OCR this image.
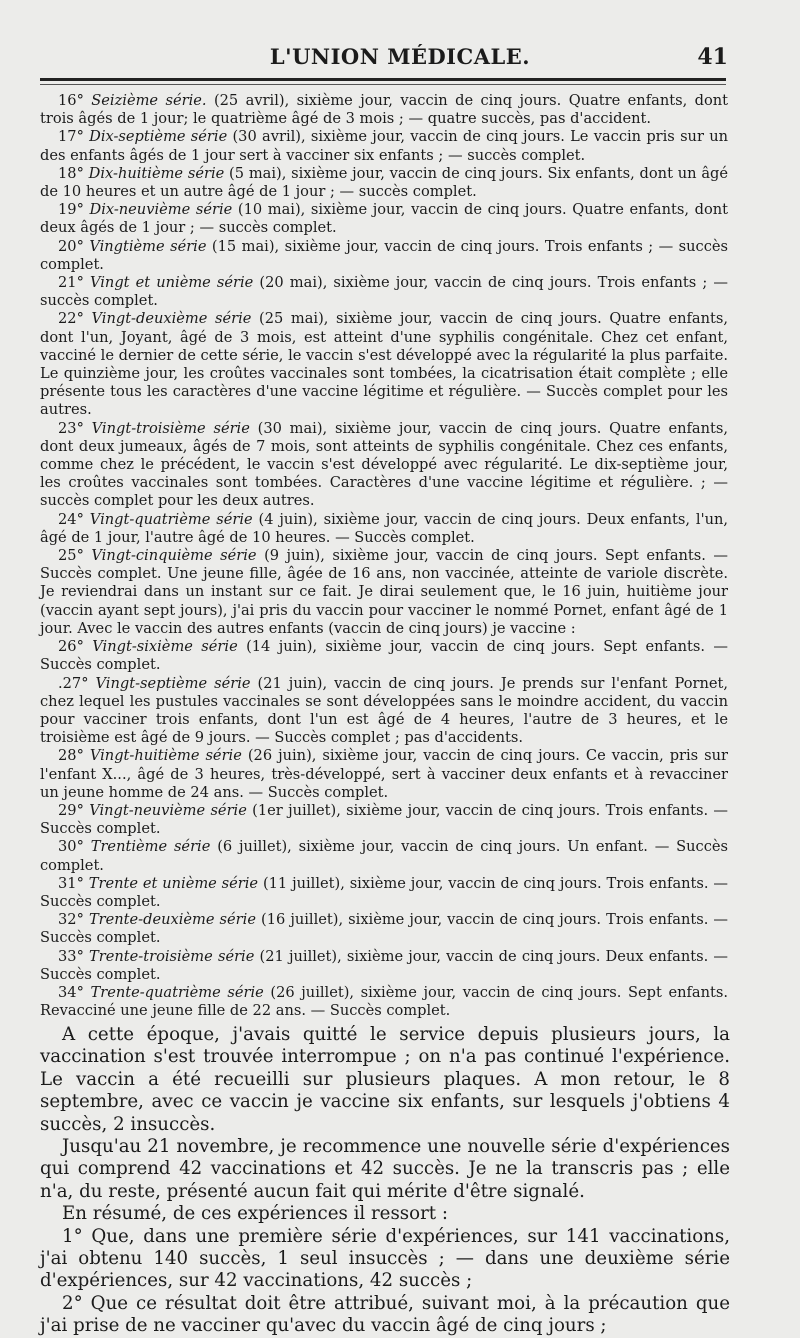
L'UNION MÉDICALE.	41

16° Seizième série. (25 avril), sixième jour, vaccin de cinq jours. Quatre enfants, dont trois âgés de 1 jour; le quatrième âgé de 3 mois ; — quatre succès, pas d'accident.

17° Dix-septième série (30 avril), sixième jour, vaccin de cinq jours. Le vaccin pris sur un des enfants âgés de 1 jour sert à vacciner six enfants ; — succès complet.

18° Dix-huitième série (5 mai), sixième jour, vaccin de cinq jours. Six enfants, dont un âgé de 10 heures et un autre âgé de 1 jour ; — succès complet.

19° Dix-neuvième série (10 mai), sixième jour, vaccin de cinq jours. Quatre enfants, dont deux âgés de 1 jour ; — succès complet.

20° Vingtième série (15 mai), sixième jour, vaccin de cinq jours. Trois enfants ; — succès complet.

21° Vingt et unième série (20 mai), sixième jour, vaccin de cinq jours. Trois enfants ; — succès complet.

22° Vingt-deuxième série (25 mai), sixième jour, vaccin de cinq jours. Quatre enfants, dont l'un, Joyant, âgé de 3 mois, est atteint d'une syphilis congénitale. Chez cet enfant, vacciné le dernier de cette série, le vaccin s'est développé avec la régularité la plus parfaite. Le quinzième jour, les croûtes vaccinales sont tombées, la cicatrisation était complète ; elle présente tous les caractères d'une vaccine légitime et régulière. — Succès complet pour les autres.

23° Vingt-troisième série (30 mai), sixième jour, vaccin de cinq jours. Quatre enfants, dont deux jumeaux, âgés de 7 mois, sont atteints de syphilis congénitale. Chez ces enfants, comme chez le précédent, le vaccin s'est développé avec régularité. Le dix-septième jour, les croûtes vaccinales sont tombées. Caractères d'une vaccine légitime et régulière. ; — succès complet pour les deux autres.

24° Vingt-quatrième série (4 juin), sixième jour, vaccin de cinq jours. Deux enfants, l'un, âgé de 1 jour, l'autre âgé de 10 heures. — Succès complet.

25° Vingt-cinquième série (9 juin), sixième jour, vaccin de cinq jours. Sept enfants. — Succès complet. Une jeune fille, âgée de 16 ans, non vaccinée, atteinte de variole discrète. Je reviendrai dans un instant sur ce fait. Je dirai seulement que, le 16 juin, huitième jour (vaccin ayant sept jours), j'ai pris du vaccin pour vacciner le nommé Pornet, enfant âgé de 1 jour. Avec le vaccin des autres enfants (vaccin de cinq jours) je vaccine :

26° Vingt-sixième série (14 juin), sixième jour, vaccin de cinq jours. Sept enfants. — Succès complet.

.27° Vingt-septième série (21 juin), vaccin de cinq jours. Je prends sur l'enfant Pornet, chez lequel les pustules vaccinales se sont développées sans le moindre accident, du vaccin pour vacciner trois enfants, dont l'un est âgé de 4 heures, l'autre de 3 heures, et le troisième est âgé de 9 jours. — Succès complet ; pas d'accidents.

28° Vingt-huitième série (26 juin), sixième jour, vaccin de cinq jours. Ce vaccin, pris sur l'enfant X..., âgé de 3 heures, très-développé, sert à vacciner deux enfants et à revacciner un jeune homme de 24 ans. — Succès complet.

29° Vingt-neuvième série (1er juillet), sixième jour, vaccin de cinq jours. Trois enfants. — Succès complet.

30° Trentième série (6 juillet), sixième jour, vaccin de cinq jours. Un enfant. — Succès complet.

31° Trente et unième série (11 juillet), sixième jour, vaccin de cinq jours. Trois enfants. — Succès complet.

32° Trente-deuxième série (16 juillet), sixième jour, vaccin de cinq jours. Trois enfants. — Succès complet.

33° Trente-troisième série (21 juillet), sixième jour, vaccin de cinq jours. Deux enfants. — Succès complet.

34° Trente-quatrième série (26 juillet), sixième jour, vaccin de cinq jours. Sept enfants. Revacciné une jeune fille de 22 ans. — Succès complet.

A cette époque, j'avais quitté le service depuis plusieurs jours, la vaccination s'est trouvée interrompue ; on n'a pas continué l'expérience. Le vaccin a été recueilli sur plusieurs plaques. A mon retour, le 8 septembre, avec ce vaccin je vaccine six enfants, sur lesquels j'obtiens 4 succès, 2 insuccès.

Jusqu'au 21 novembre, je recommence une nouvelle série d'expériences qui comprend 42 vaccinations et 42 succès. Je ne la transcris pas ; elle n'a, du reste, présenté aucun fait qui mérite d'être signalé.

En résumé, de ces expériences il ressort :

1° Que, dans une première série d'expériences, sur 141 vaccinations, j'ai obtenu 140 succès, 1 seul insuccès ; — dans une deuxième série d'expériences, sur 42 vaccinations, 42 succès ;

2° Que ce résultat doit être attribué, suivant moi, à la précaution que j'ai prise de ne vacciner qu'avec du vaccin âgé de cinq jours ;
